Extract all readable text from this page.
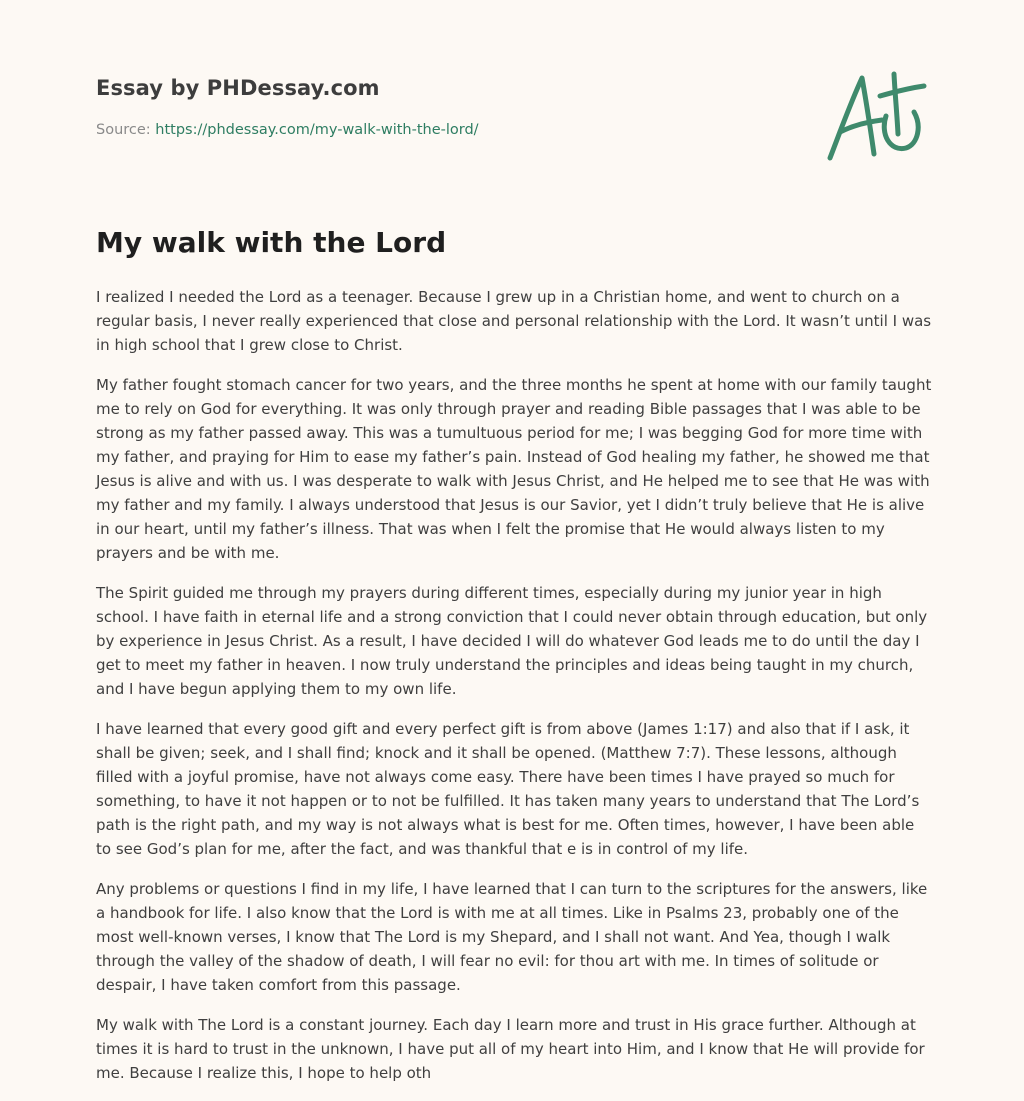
Essay by PHDessay.com
Source: https://phdessay.com/my-walk-with-the-lord/
My walk with the Lord

I realized I needed the Lord as a teenager. Because I grew up in a Christian home, and went to church on a regular basis, I never really experienced that close and personal relationship with the Lord. It wasn’t until I was in high school that I grew close to Christ.

My father fought stomach cancer for two years, and the three months he spent at home with our family taught me to rely on God for everything. It was only through prayer and reading Bible passages that I was able to be strong as my father passed away. This was a tumultuous period for me; I was begging God for more time with my father, and praying for Him to ease my father’s pain. Instead of God healing my father, he showed me that Jesus is alive and with us. I was desperate to walk with Jesus Christ, and He helped me to see that He was with my father and my family. I always understood that Jesus is our Savior, yet I didn’t truly believe that He is alive in our heart, until my father’s illness. That was when I felt the promise that He would always listen to my prayers and be with me.

The Spirit guided me through my prayers during different times, especially during my junior year in high school. I have faith in eternal life and a strong conviction that I could never obtain through education, but only by experience in Jesus Christ. As a result, I have decided I will do whatever God leads me to do until the day I get to meet my father in heaven. I now truly understand the principles and ideas being taught in my church, and I have begun applying them to my own life.

I have learned that every good gift and every perfect gift is from above (James 1:17) and also that if I ask, it shall be given; seek, and I shall find; knock and it shall be opened. (Matthew 7:7). These lessons, although filled with a joyful promise, have not always come easy. There have been times I have prayed so much for something, to have it not happen or to not be fulfilled. It has taken many years to understand that The Lord’s path is the right path, and my way is not always what is best for me. Often times, however, I have been able to see God’s plan for me, after the fact, and was thankful that e is in control of my life.

Any problems or questions I find in my life, I have learned that I can turn to the scriptures for the answers, like a handbook for life. I also know that the Lord is with me at all times. Like in Psalms 23, probably one of the most well-known verses, I know that The Lord is my Shepard, and I shall not want. And Yea, though I walk through the valley of the shadow of death, I will fear no evil: for thou art with me. In times of solitude or despair, I have taken comfort from this passage.

My walk with The Lord is a constant journey. Each day I learn more and trust in His grace further. Although at times it is hard to trust in the unknown, I have put all of my heart into Him, and I know that He will provide for me. Because I realize this, I hope to help oth
